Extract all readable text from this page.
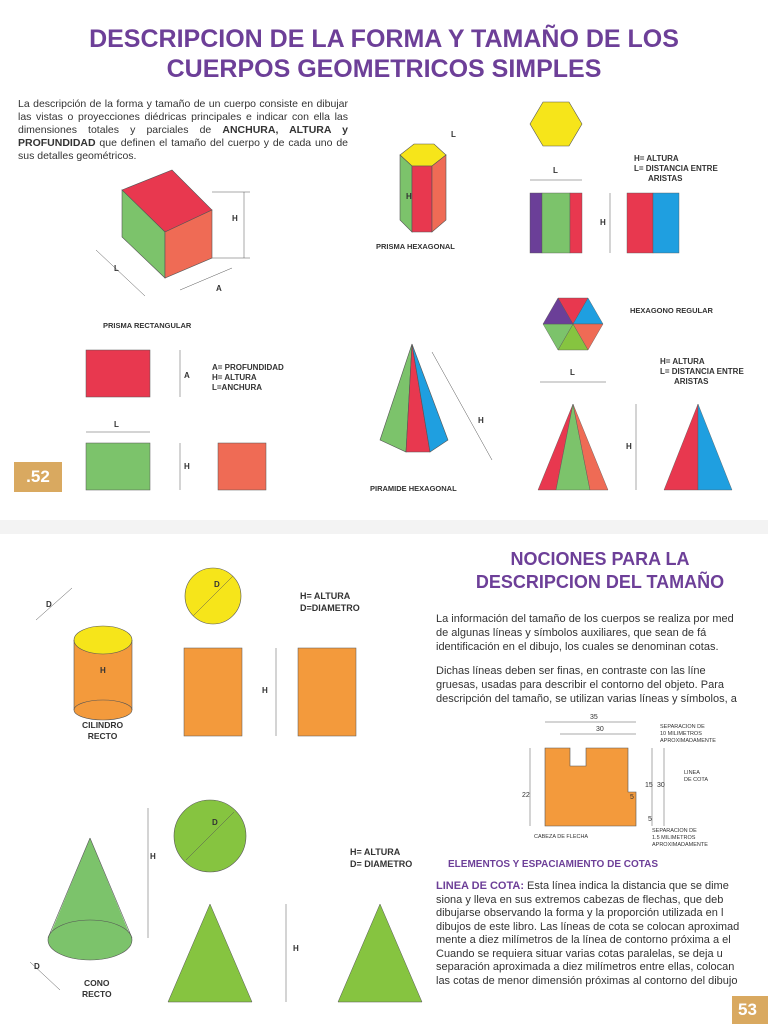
DESCRIPCION DE LA FORMA Y TAMAÑO DE LOS
CUERPOS GEOMETRICOS SIMPLES
La descripción de la forma y tamaño de un cuerpo consiste en dibujar las vistas o proyecciones diédricas principales e indicar con ella las dimensiones totales y parciales de ANCHURA, ALTURA y PROFUNDIDAD que definen el tamaño del cuerpo y de cada uno de sus detalles geométricos.
H
L
A
PRISMA RECTANGULAR
A
L
H
A= PROFUNDIDAD
H= ALTURA
L=ANCHURA
L
H
PRISMA HEXAGONAL
L
H
H= ALTURA
L= DISTANCIA ENTRE
ARISTAS
HEXAGONO REGULAR
L
H= ALTURA
L= DISTANCIA ENTRE
ARISTAS
H
H
PIRAMIDE HEXAGONAL
.52
D
H
CILINDRO
RECTO
D
H= ALTURA
D=DIAMETRO
H
H
D
CONO
RECTO
D
H= ALTURA
D= DIAMETRO
H
NOCIONES PARA LA
DESCRIPCION DEL TAMAÑO
La información del tamaño de los cuerpos se realiza por med
de algunas líneas y símbolos auxiliares, que sean de fá
identificación en el dibujo, los cuales se denominan cotas.
Dichas líneas deben ser finas, en contraste con las líne
gruesas, usadas para describir el contorno del objeto. Para
descripción del tamaño, se utilizan varias líneas y símbolos, a
35
30
22
15 30
5
5
SEPARACION DE
10 MILIMETROS
APROXIMADAMENTE
LINEA
DE COTA
CABEZA DE FLECHA
SEPARACION DE
1.5 MILIMETROS
APROXIMADAMENTE
ELEMENTOS Y ESPACIAMIENTO DE COTAS
LINEA DE COTA: Esta línea indica la distancia que se dime
siona y lleva en sus extremos cabezas de flechas, que deb
dibujarse observando la forma y la proporción utilizada en l
dibujos de este libro. Las líneas de cota se colocan aproximad
mente a diez milímetros de la línea de contorno próxima a el
Cuando se requiera situar varias cotas paralelas, se deja u
separación aproximada a diez milímetros entre ellas, colocan
las cotas de menor dimensión próximas al contorno del dibujo
53
